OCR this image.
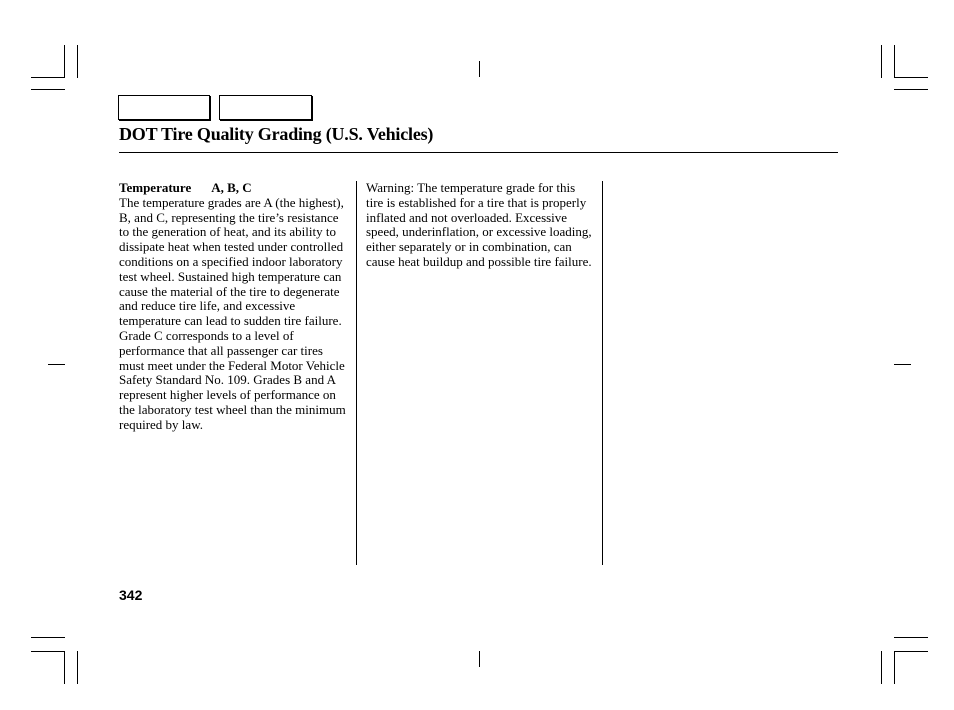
DOT Tire Quality Grading (U.S. Vehicles)
Temperature A, B, C

The temperature grades are A (the highest), B, and C, representing the tire’s resistance to the generation of heat, and its ability to dissipate heat when tested under controlled conditions on a specified indoor laboratory test wheel. Sustained high temperature can cause the material of the tire to degenerate and reduce tire life, and excessive temperature can lead to sudden tire failure. Grade C corresponds to a level of performance that all passenger car tires must meet under the Federal Motor Vehicle Safety Standard No. 109. Grades B and A represent higher levels of performance on the laboratory test wheel than the minimum required by law.

Warning: The temperature grade for this tire is established for a tire that is properly inflated and not overloaded. Excessive speed, underinflation, or excessive loading, either separately or in combination, can cause heat buildup and possible tire failure.

342
